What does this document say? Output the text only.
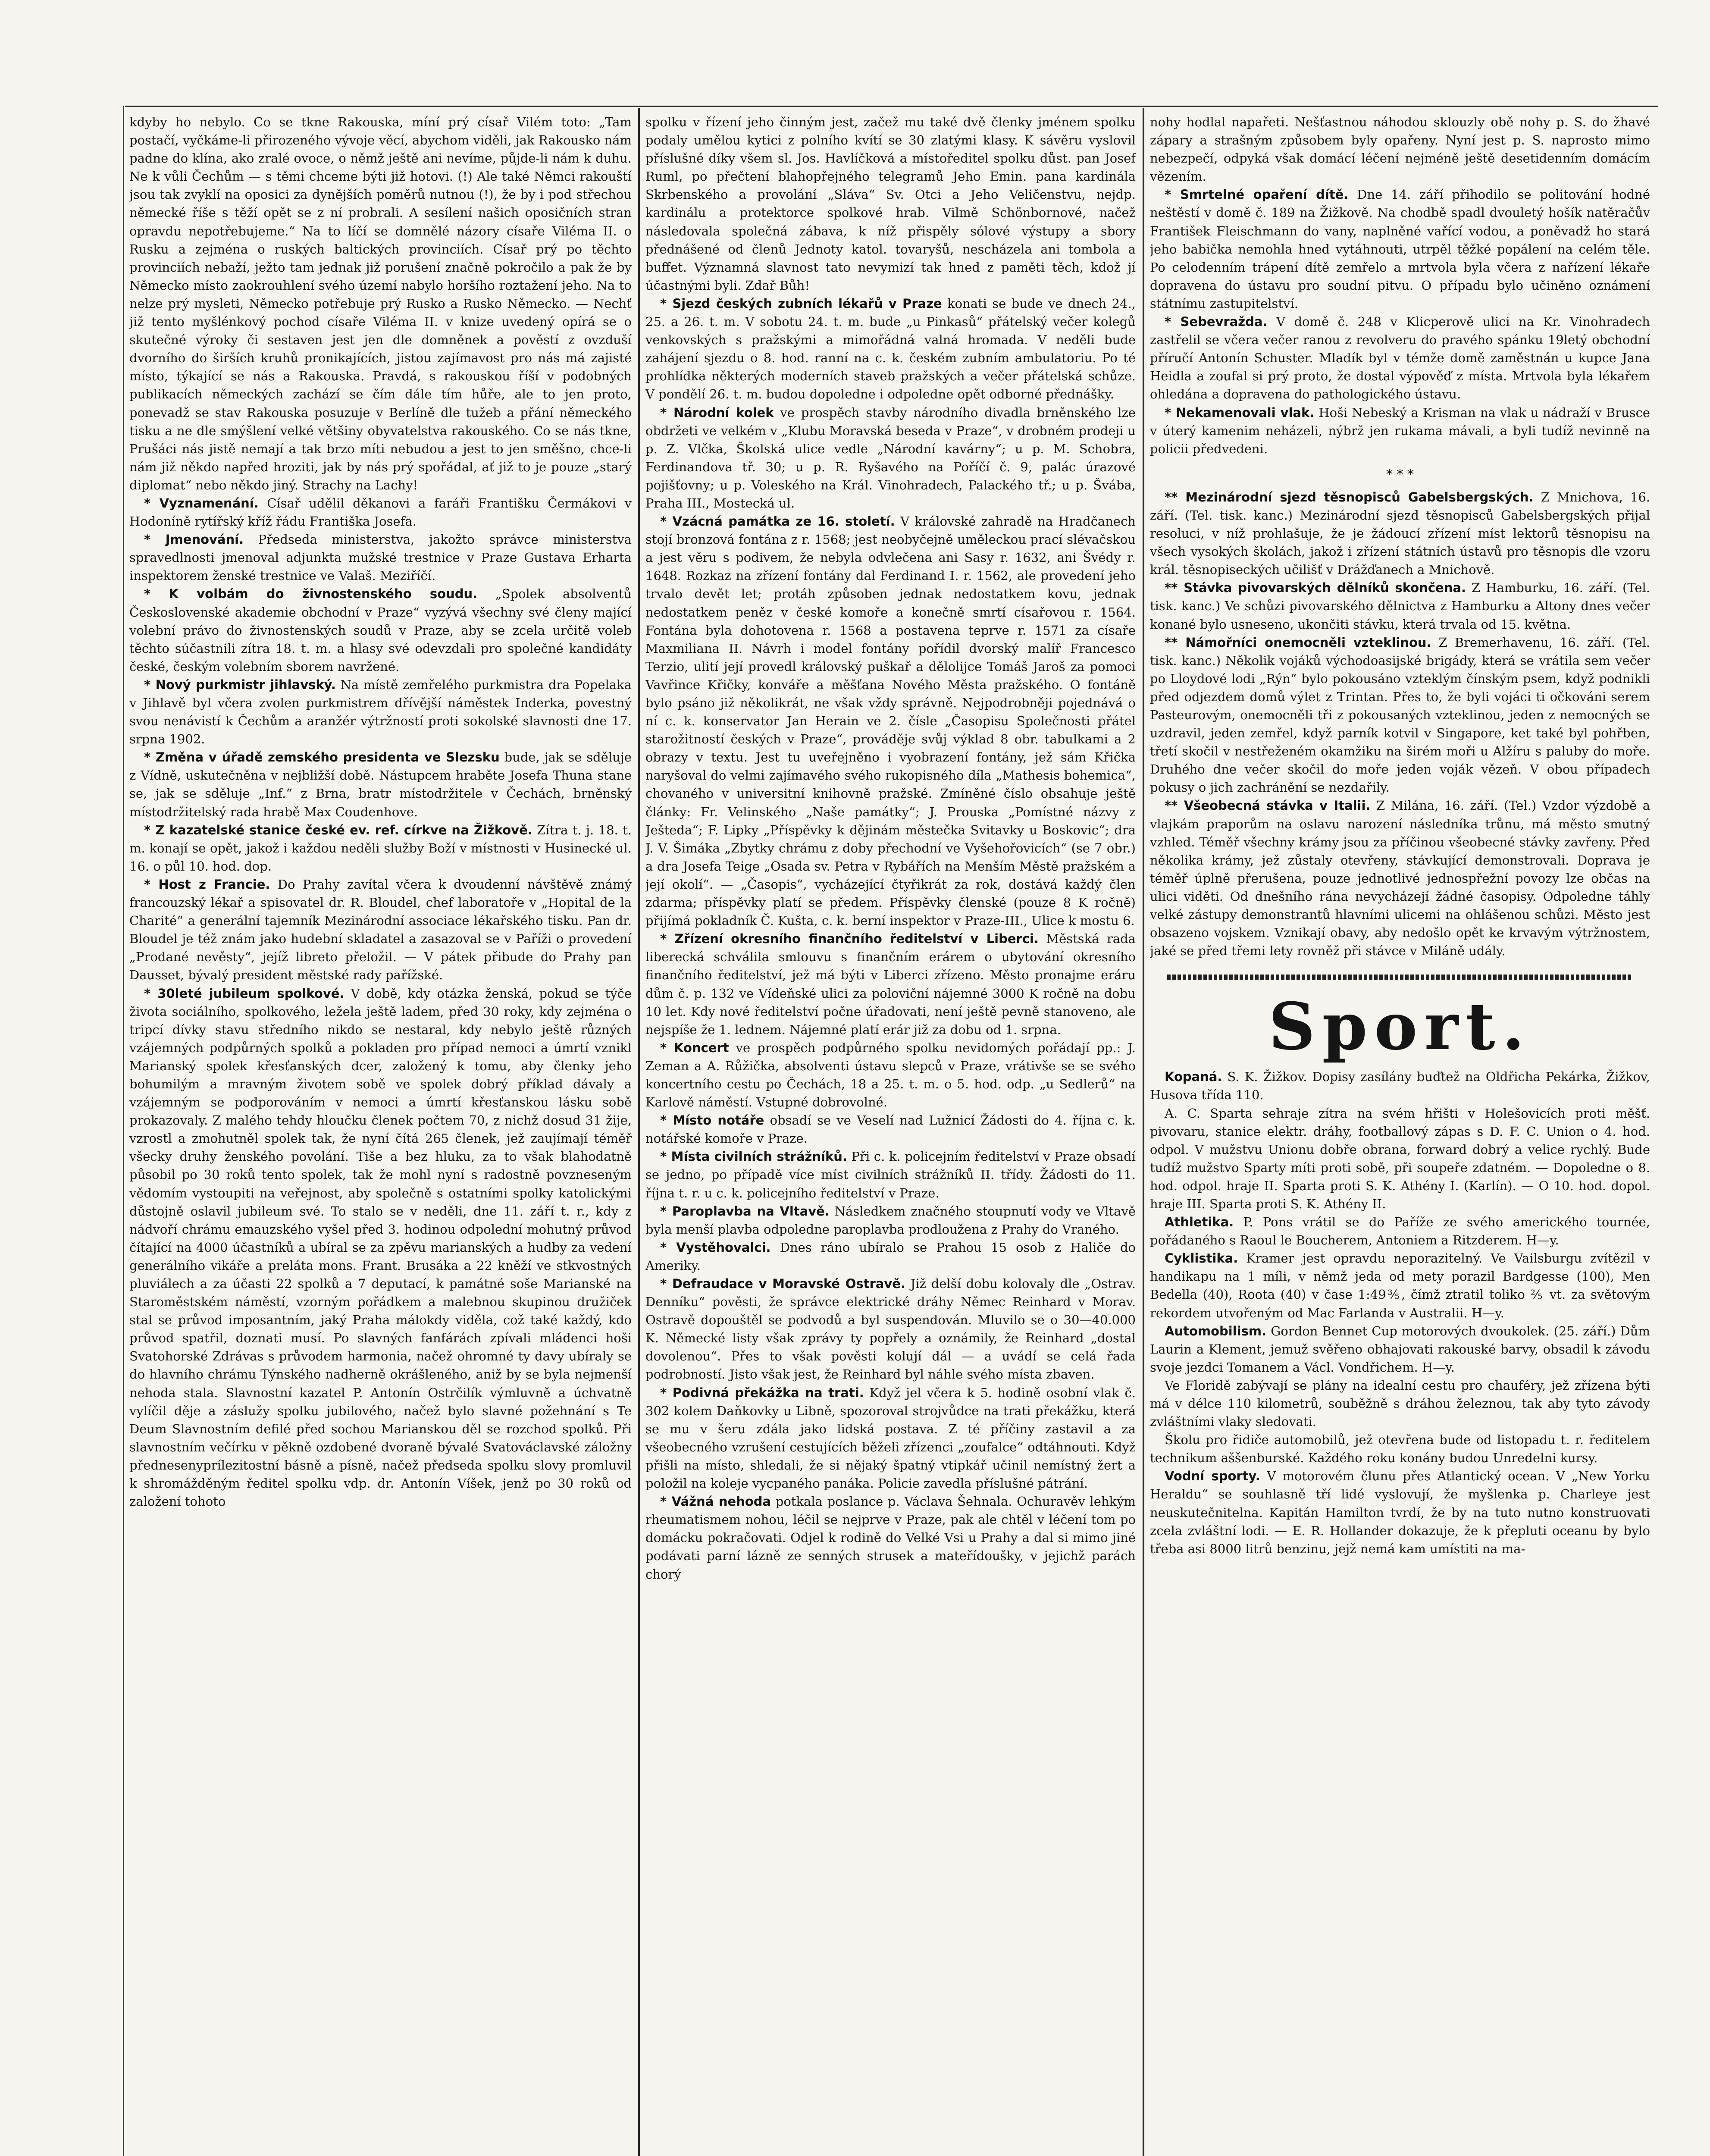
kdyby ho nebylo. Co se tkne Rakouska, míní prý císař Vilém toto: „Tam postačí, vyčkáme-li přirozeného vývoje věcí, abychom viděli, jak Rakousko nám padne do klína, ako zralé ovoce, o němž ještě ani nevíme, půjde-li nám k duhu. Ne k vůli Čechům — s těmi chceme býti již hotovi. (!) Ale také Němci rakouští jsou tak zvyklí na oposici za dynějších poměrů nutnou (!), že by i pod střechou německé říše s těží opět se z ní probrali. A sesílení našich oposičních stran opravdu nepotřebujeme.“ Na to líčí se domnělé názory císaře Viléma II. o Rusku a zejména o ruských baltických provinciích. Císař prý po těchto provinciích nebaží, ježto tam jednak již porušení značně pokročilo a pak že by Německo místo zaokrouhlení svého území nabylo horšího roztažení jeho. Na to nelze prý mysleti, Německo potřebuje prý Rusko a Rusko Německo. — Nechť již tento myšlénkový pochod císaře Viléma II. v knize uvedený opírá se o skutečné výroky či sestaven jest jen dle domněnek a pověstí z ovzduší dvorního do širších kruhů pronikajících, jistou zajímavost pro nás má zajisté místo, týkající se nás a Rakouska. Pravdá, s rakouskou říší v podobných publikacích německých zachází se čím dále tím hůře, ale to jen proto, ponevadž se stav Rakouska posuzuje v Berlíně dle tužeb a přání německého tisku a ne dle smýšlení velké většiny obyvatelstva rakouského. Co se nás tkne, Prušáci nás jistě nemají a tak brzo míti nebudou a jest to jen směšno, chce-li nám již někdo napřed hroziti, jak by nás prý spořádal, ať již to je pouze „starý diplomat“ nebo někdo jiný. Strachy na Lachy!

* Vyznamenání. Císař udělil děkanovi a faráři Františku Čermákovi v Hodoníně rytířský kříž řádu Františka Josefa.

* Jmenování. Předseda ministerstva, jakožto správce ministerstva spravedlnosti jmenoval adjunkta mužské trestnice v Praze Gustava Erharta inspektorem ženské trestnice ve Valaš. Meziříčí.

* K volbám do živnostenského soudu. „Spolek absolventů Československé akademie obchodní v Praze“ vyzývá všechny své členy mající volební právo do živnostenských soudů v Praze, aby se zcela určitě voleb těchto súčastnili zítra 18. t. m. a hlasy své odevzdali pro společné kandidáty české, českým volebním sborem navržené.

* Nový purkmistr jihlavský. Na místě zemřelého purkmistra dra Popelaka v Jihlavě byl včera zvolen purkmistrem dřívější náměstek Inderka, povestný svou nenávistí k Čechům a aranžér výtržností proti sokolské slavnosti dne 17. srpna 1902.

* Změna v úřadě zemského presidenta ve Slezsku bude, jak se sděluje z Vídně, uskutečněna v nejbližší době. Nástupcem hraběte Josefa Thuna stane se, jak se sděluje „Inf.“ z Brna, bratr místodržitele v Čechách, brněnský místodržitelský rada hrabě Max Coudenhove.

* Z kazatelské stanice české ev. ref. církve na Žižkově. Zítra t. j. 18. t. m. konají se opět, jakož i každou neděli služby Boží v místnosti v Husinecké ul. 16. o půl 10. hod. dop.

* Host z Francie. Do Prahy zavítal včera k dvoudenní návštěvě známý francouzský lékař a spisovatel dr. R. Bloudel, chef laboratoře v „Hopital de la Charité“ a generální tajemník Mezinárodní associace lékařského tisku. Pan dr. Bloudel je též znám jako hudební skladatel a zasazoval se v Paříži o provedení „Prodané nevěsty“, jejíž libreto přeložil. — V pátek přibude do Prahy pan Dausset, bývalý president městské rady pařížské.

* 30leté jubileum spolkové. V době, kdy otázka ženská, pokud se týče života sociálního, spolkového, ležela ještě ladem, před 30 roky, kdy zejména o tripcí dívky stavu středního nikdo se nestaral, kdy nebylo ještě různých vzájemných podpůrných spolků a pokladen pro případ nemoci a úmrtí vznikl Marianský spolek křesťanských dcer, založený k tomu, aby členky jeho bohumilým a mravným životem sobě ve spolek dobrý příklad dávaly a vzájemným se podporováním v nemoci a úmrtí křesťanskou lásku sobě prokazovaly. Z malého tehdy hloučku členek počtem 70, z nichž dosud 31 žije, vzrostl a zmohutněl spolek tak, že nyní čítá 265 členek, jež zaujímají téměř všecky druhy ženského povolání. Tiše a bez hluku, za to však blahodatně působil po 30 roků tento spolek, tak že mohl nyní s radostně povzneseným vědomím vystoupiti na veřejnost, aby společně s ostatními spolky katolickými důstojně oslavil jubileum své. To stalo se v neděli, dne 11. září t. r., kdy z nádvoří chrámu emauzského vyšel před 3. hodinou odpolední mohutný průvod čítající na 4000 účastníků a ubíral se za zpěvu marianských a hudby za vedení generálního vikáře a preláta mons. Frant. Brusáka a 22 kněží ve stkvostných pluviálech a za účasti 22 spolků a 7 deputací, k památné soše Marianské na Staroměstském náměstí, vzorným pořádkem a malebnou skupinou družiček stal se průvod imposantním, jaký Praha málokdy viděla, což také každý, kdo průvod spatřil, doznati musí. Po slavných fanfárách zpívali mládenci hoši Svatohorské Zdrávas s průvodem harmonia, načež ohromné ty davy ubíraly se do hlavního chrámu Týnského nadherně okrášleného, aniž by se byla nejmenší nehoda stala. Slavnostní kazatel P. Antonín Ostrčilík výmluvně a úchvatně vylíčil děje a záslužy spolku jubilového, načež bylo slavné požehnání s Te Deum Slavnostním defilé před sochou Marianskou děl se rozchod spolků. Při slavnostním večírku v pěkně ozdobené dvoraně bývalé Svatováclavské záložny přednesenyprílezitostní básně a písně, načež předseda spolku slovy promluvil k shromážděným ředitel spolku vdp. dr. Antonín Víšek, jenž po 30 roků od založení tohoto

spolku v řízení jeho činným jest, začež mu také dvě členky jménem spolku podaly umělou kytici z polního kvítí se 30 zlatými klasy. K sávěru vyslovil příslušné díky všem sl. Jos. Havlíčková a místoředitel spolku důst. pan Josef Ruml, po přečtení blahopřejného telegramů Jeho Emin. pana kardinála Skrbenského a provolání „Sláva“ Sv. Otci a Jeho Veličenstvu, nejdp. kardinálu a protektorce spolkové hrab. Vilmě Schönbornové, načež následovala společná zábava, k níž přispěly sólové výstupy a sbory přednášené od členů Jednoty katol. tovaryšů, nescházela ani tombola a buffet. Významná slavnost tato nevymizí tak hned z paměti těch, kdož jí účastnými byli. Zdař Bůh!

* Sjezd českých zubních lékařů v Praze konati se bude ve dnech 24., 25. a 26. t. m. V sobotu 24. t. m. bude „u Pinkasů“ přátelský večer kolegů venkovských s pražskými a mimořádná valná hromada. V neděli bude zahájení sjezdu o 8. hod. ranní na c. k. českém zubním ambulatoriu. Po té prohlídka některých moderních staveb pražských a večer přátelská schůze. V pondělí 26. t. m. budou dopoledne i odpoledne opět odborné přednášky.

* Národní kolek ve prospěch stavby národního divadla brněnského lze obdržeti ve velkém v „Klubu Moravská beseda v Praze“, v drobném prodeji u p. Z. Vlčka, Školská ulice vedle „Národní kavárny“; u p. M. Schobra, Ferdinandova tř. 30; u p. R. Ryšavého na Poříčí č. 9, palác úrazové pojišťovny; u p. Voleského na Král. Vinohradech, Palackého tř.; u p. Švába, Praha III., Mostecká ul.

* Vzácná památka ze 16. století. V královské zahradě na Hradčanech stojí bronzová fontána z r. 1568; jest neobyčejně uměleckou prací slévačskou a jest věru s podivem, že nebyla odvlečena ani Sasy r. 1632, ani Švédy r. 1648. Rozkaz na zřízení fontány dal Ferdinand I. r. 1562, ale provedení jeho trvalo devět let; protáh způsoben jednak nedostatkem kovu, jednak nedostatkem peněz v české komoře a konečně smrtí císařovou r. 1564. Fontána byla dohotovena r. 1568 a postavena teprve r. 1571 za císaře Maxmiliana II. Návrh i model fontány pořídil dvorský malíř Francesco Terzio, ulití její provedl královský puškař a dělolijce Tomáš Jaroš za pomoci Vavřince Křičky, konváře a měšťana Nového Města pražského. O fontáně bylo psáno již několikrát, ne však vždy správně. Nejpodrobněji pojednává o ní c. k. konservator Jan Herain ve 2. čísle „Časopisu Společnosti přátel starožitností českých v Praze“, prováděje svůj výklad 8 obr. tabulkami a 2 obrazy v textu. Jest tu uveřejněno i vyobrazení fontány, jež sám Křička naryšoval do velmi zajímavého svého rukopisného díla „Mathesis bohemica“, chovaného v universitní knihovně pražské. Zmíněné číslo obsahuje ještě články: Fr. Velinského „Naše památky“; J. Prouska „Pomístné názvy z Ješteda“; F. Lipky „Příspěvky k dějinám městečka Svitavky u Boskovic“; dra J. V. Šimáka „Zbytky chrámu z doby přechodní ve Vyšehořovicích“ (se 7 obr.) a dra Josefa Teige „Osada sv. Petra v Rybářích na Menším Městě pražském a její okolí“. — „Časopis“, vycházející čtyřikrát za rok, dostává každý člen zdarma; příspěvky platí se předem. Příspěvky členské (pouze 8 K ročně) přijímá pokladník Č. Kušta, c. k. berní inspektor v Praze-III., Ulice k mostu 6.

* Zřízení okresního finančního ředitelství v Liberci. Městská rada liberecká schválila smlouvu s finančním erárem o ubytování okresního finančního ředitelství, jež má býti v Liberci zřízeno. Město pronajme eráru dům č. p. 132 ve Vídeňské ulici za poloviční nájemné 3000 K ročně na dobu 10 let. Kdy nové ředitelství počne úřadovati, není ještě pevně stanoveno, ale nejspíše že 1. lednem. Nájemné platí erár již za dobu od 1. srpna.

* Koncert ve prospěch podpůrného spolku nevidomých pořádají pp.: J. Zeman a A. Růžička, absolventi ústavu slepců v Praze, vrátivše se se svého koncertního cestu po Čechách, 18 a 25. t. m. o 5. hod. odp. „u Sedlerů“ na Karlově náměstí. Vstupné dobrovolné.

* Místo notáře obsadí se ve Veselí nad Lužnicí Žádosti do 4. října c. k. notářské komoře v Praze.

* Místa civilních strážníků. Při c. k. policejním ředitelství v Praze obsadí se jedno, po případě více míst civilních strážníků II. třídy. Žádosti do 11. října t. r. u c. k. policejního ředitelství v Praze.

* Paroplavba na Vltavě. Následkem značného stoupnutí vody ve Vltavě byla menší plavba odpoledne paroplavba prodloužena z Prahy do Vraného.

* Vystěhovalci. Dnes ráno ubíralo se Prahou 15 osob z Haliče do Ameriky.

* Defraudace v Moravské Ostravě. Již delší dobu kolovaly dle „Ostrav. Denníku“ pověsti, že správce elektrické dráhy Němec Reinhard v Morav. Ostravě dopouštěl se podvodů a byl suspendován. Mluvilo se o 30—40.000 K. Německé listy však zprávy ty popřely a oznámily, že Reinhard „dostal dovolenou“. Přes to však pověsti kolují dál — a uvádí se celá řada podrobností. Jisto však jest, že Reinhard byl náhle svého místa zbaven.

* Podivná překážka na trati. Když jel včera k 5. hodině osobní vlak č. 302 kolem Daňkovky u Libně, spozoroval strojvůdce na trati překážku, která se mu v šeru zdála jako lidská postava. Z té příčiny zastavil a za všeobecného vzrušení cestujících běželi zřízenci „zoufalce“ odtáhnouti. Když přišli na místo, shledali, že si nějaký špatný vtipkář učinil nemístný žert a položil na koleje vycpaného panáka. Policie zavedla příslušné pátrání.

* Vážná nehoda potkala poslance p. Václava Šehnala. Ochuravěv lehkým rheumatismem nohou, léčil se nejprve v Praze, pak ale chtěl v léčení tom po domácku pokračovati. Odjel k rodině do Velké Vsi u Prahy a dal si mimo jiné podávati parní lázně ze senných strusek a mateřídoušky, v jejichž parách chorý

nohy hodlal napařeti. Nešťastnou náhodou sklouzly obě nohy p. S. do žhavé zápary a strašným způsobem byly opařeny. Nyní jest p. S. naprosto mimo nebezpečí, odpyká však domácí léčení nejméně ještě desetidenním domácím vězením.

* Smrtelné opaření dítě. Dne 14. září přihodilo se politování hodné neštěstí v domě č. 189 na Žižkově. Na chodbě spadl dvouletý hošík natěračův František Fleischmann do vany, naplněné vařící vodou, a poněvadž ho stará jeho babička nemohla hned vytáhnouti, utrpěl těžké popálení na celém těle. Po celodenním trápení dítě zemřelo a mrtvola byla včera z nařízení lékaře dopravena do ústavu pro soudní pitvu. O případu bylo učiněno oznámení státnímu zastupitelství.

* Sebevražda. V domě č. 248 v Klicperově ulici na Kr. Vinohradech zastřelil se včera večer ranou z revolveru do pravého spánku 19letý obchodní příručí Antonín Schuster. Mladík byl v témže domě zaměstnán u kupce Jana Heidla a zoufal si prý proto, že dostal výpověď z místa. Mrtvola byla lékařem ohledána a dopravena do pathologického ústavu.

* Nekamenovali vlak. Hoši Nebeský a Krisman na vlak u nádraží v Brusce v úterý kamenim neházeli, nýbrž jen rukama mávali, a byli tudíž nevinně na policii předvedeni.

* * *

** Mezinárodní sjezd těsnopisců Gabelsbergských. Z Mnichova, 16. září. (Tel. tisk. kanc.) Mezinárodní sjezd těsnopisců Gabelsbergských přijal resoluci, v níž prohlašuje, že je žádoucí zřízení míst lektorů těsnopisu na všech vysokých školách, jakož i zřízení státních ústavů pro těsnopis dle vzoru král. těsnopiseckých učilišť v Drážďanech a Mnichově.

** Stávka pivovarských dělníků skončena. Z Hamburku, 16. září. (Tel. tisk. kanc.) Ve schůzi pivovarského dělnictva z Hamburku a Altony dnes večer konané bylo usneseno, ukončiti stávku, která trvala od 15. května.

** Námořníci onemocněli vzteklinou. Z Bremerhavenu, 16. září. (Tel. tisk. kanc.) Několik vojáků východoasijské brigády, která se vrátila sem večer po Lloydové lodi „Rýn“ bylo pokousáno vzteklým čínským psem, když podnikli před odjezdem domů výlet z Trintan. Přes to, že byli vojáci ti očkováni serem Pasteurovým, onemocněli tři z pokousaných vzteklinou, jeden z nemocných se uzdravil, jeden zemřel, když parník kotvil v Singapore, ket také byl pohřben, třetí skočil v nestřeženém okamžiku na širém moři u Alžíru s paluby do moře. Druhého dne večer skočil do moře jeden voják vězeň. V obou případech pokusy o jich zachránění se nezdařily.

** Všeobecná stávka v Italii. Z Milána, 16. září. (Tel.) Vzdor výzdobě a vlajkám praporům na oslavu narození následníka trůnu, má město smutný vzhled. Téměř všechny krámy jsou za příčinou všeobecné stávky zavřeny. Před několika krámy, jež zůstaly otevřeny, stávkující demonstrovali. Doprava je téměř úplně přerušena, pouze jednotlivé jednospřežní povozy lze občas na ulici viděti. Od dnešního rána nevycházejí žádné časopisy. Odpoledne táhly velké zástupy demonstrantů hlavními ulicemi na ohlášenou schůzi. Město jest obsazeno vojskem. Vznikají obavy, aby nedošlo opět ke krvavým výtržnostem, jaké se před třemi lety rovněž při stávce v Miláně udály.

Sport.

Kopaná. S. K. Žižkov. Dopisy zasílány buďtež na Oldřicha Pekárka, Žižkov, Husova třída 110.

A. C. Sparta sehraje zítra na svém hřišti v Holešovicích proti měšť. pivovaru, stanice elektr. dráhy, footballový zápas s D. F. C. Union o 4. hod. odpol. V mužstvu Unionu dobře obrana, forward dobrý a velice rychlý. Bude tudíž mužstvo Sparty míti proti sobě, při soupeře zdatném. — Dopoledne o 8. hod. odpol. hraje II. Sparta proti S. K. Athény I. (Karlín). — O 10. hod. dopol. hraje III. Sparta proti S. K. Athény II.

Athletika. P. Pons vrátil se do Paříže ze svého amerického tournée, pořádaného s Raoul le Boucherem, Antoniem a Ritzderem. H—y.

Cyklistika. Kramer jest opravdu neporazitelný. Ve Vailsburgu zvítězil v handikapu na 1 míli, v němž jeda od mety porazil Bardgesse (100), Men Bedella (40), Roota (40) v čase 1:49⅗, čímž ztratil toliko ⅖ vt. za světovým rekordem utvořeným od Mac Farlanda v Australii. H—y.

Automobilism. Gordon Bennet Cup motorových dvoukolek. (25. září.) Dům Laurin a Klement, jemuž svěřeno obhajovati rakouské barvy, obsadil k závodu svoje jezdci Tomanem a Václ. Vondřichem. H—y.

Ve Floridě zabývají se plány na idealní cestu pro chauféry, jež zřízena býti má v délce 110 kilometrů, souběžně s dráhou železnou, tak aby tyto závody zvláštními vlaky sledovati.

Školu pro řidiče automobilů, jež otevřena bude od listopadu t. r. ředitelem technikum aššenburské. Každého roku konány budou Unredelni kursy.

Vodní sporty. V motorovém člunu přes Atlantický ocean. V „New Yorku Heraldu“ se souhlasně tří lidé vyslovují, že myšlenka p. Charleye jest neuskutečnitelna. Kapitán Hamilton tvrdí, že by na tuto nutno konstruovati zcela zvláštní lodi. — E. R. Hollander dokazuje, že k přepluti oceanu by bylo třeba asi 8000 litrů benzinu, jejž nemá kam umístiti na ma-
